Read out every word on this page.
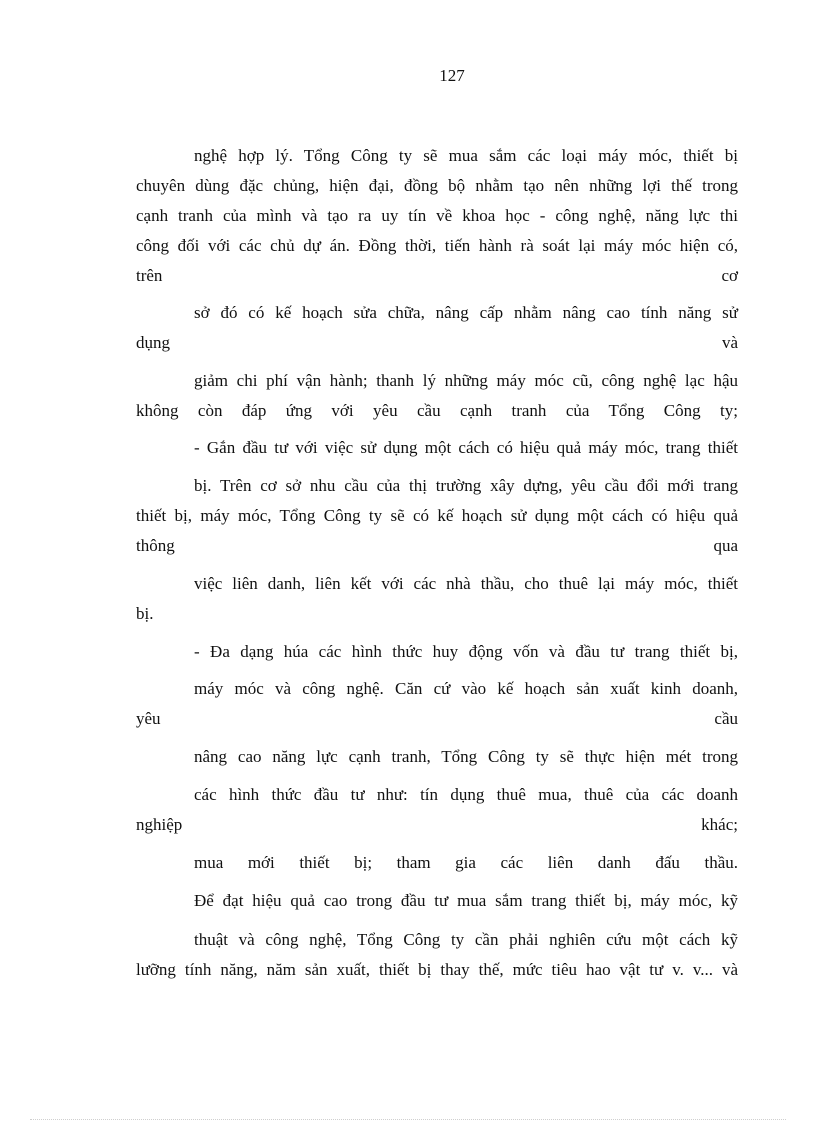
127
nghệ hợp lý. Tổng Công ty sẽ mua sắm các loại máy móc, thiết bị
chuyên dùng đặc chủng, hiện đại, đồng bộ nhằm tạo nên những lợi thế trong
cạnh tranh của mình và tạo ra uy tín về khoa học - công nghệ, năng lực thi
công đối với các chủ dự án. Đồng thời, tiến hành rà soát lại máy móc hiện có,
trên	cơ
sở đó có kế hoạch sửa chữa, nâng cấp nhằm nâng cao tính năng sử
dụng	và
giảm chi phí vận hành; thanh lý những máy móc cũ, công nghệ lạc hậu
không còn đáp ứng với yêu cầu cạnh tranh của Tổng Công ty;
- Gắn đầu tư với việc sử dụng một cách có hiệu quả máy móc, trang thiết
bị. Trên cơ sở nhu cầu của thị trường xây dựng, yêu cầu đổi mới trang
thiết bị, máy móc, Tổng Công ty sẽ có kế hoạch sử dụng một cách có hiệu quả
thông	qua
việc liên danh, liên kết với các nhà thầu, cho thuê lại máy móc, thiết
bị.
- Đa dạng húa các hình thức huy động vốn và đầu tư trang thiết bị,
máy móc và công nghệ. Căn cứ vào kế hoạch sản xuất kinh doanh,
yêu	cầu
nâng cao năng lực cạnh tranh, Tổng Công ty sẽ thực hiện mét trong
các hình thức đầu tư như: tín dụng thuê mua, thuê của các doanh
nghiệp	khác;
mua mới thiết bị; tham gia các liên danh đấu thầu.
Để đạt hiệu quả cao trong đầu tư mua sắm trang thiết bị, máy móc, kỹ
thuật và công nghệ, Tổng Công ty cần phải nghiên cứu một cách kỹ
lưỡng tính năng, năm sản xuất, thiết bị thay thế, mức tiêu hao vật tư v. v... và
